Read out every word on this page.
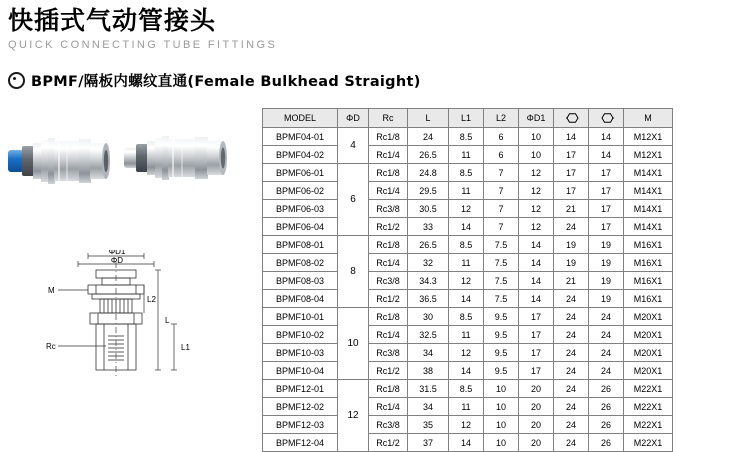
快插式气动管接头
QUICK CONNECTING TUBE FITTINGS
BPMF/隔板内螺纹直通(Female Bulkhead Straight)
ΦD1
ΦD
M
Rc
L
L1
L2
MODEL	ΦD	Rc	L	L1	L2	ΦD1			M
BPMF04-01	4	Rc1/8	24	8.5	6	10	14	14	M12X1
BPMF04-02		Rc1/4	26.5	11	6	10	17	14	M12X1
BPMF06-01	6	Rc1/8	24.8	8.5	7	12	17	17	M14X1
BPMF06-02		Rc1/4	29.5	11	7	12	17	17	M14X1
BPMF06-03		Rc3/8	30.5	12	7	12	21	17	M14X1
BPMF06-04		Rc1/2	33	14	7	12	24	17	M14X1
BPMF08-01	8	Rc1/8	26.5	8.5	7.5	14	19	19	M16X1
BPMF08-02		Rc1/4	32	11	7.5	14	19	19	M16X1
BPMF08-03		Rc3/8	34.3	12	7.5	14	21	19	M16X1
BPMF08-04		Rc1/2	36.5	14	7.5	14	24	19	M16X1
BPMF10-01	10	Rc1/8	30	8.5	9.5	17	24	24	M20X1
BPMF10-02		Rc1/4	32.5	11	9.5	17	24	24	M20X1
BPMF10-03		Rc3/8	34	12	9.5	17	24	24	M20X1
BPMF10-04		Rc1/2	38	14	9.5	17	24	24	M20X1
BPMF12-01	12	Rc1/8	31.5	8.5	10	20	24	26	M22X1
BPMF12-02		Rc1/4	34	11	10	20	24	26	M22X1
BPMF12-03		Rc3/8	35	12	10	20	24	26	M22X1
BPMF12-04		Rc1/2	37	14	10	20	24	26	M22X1
